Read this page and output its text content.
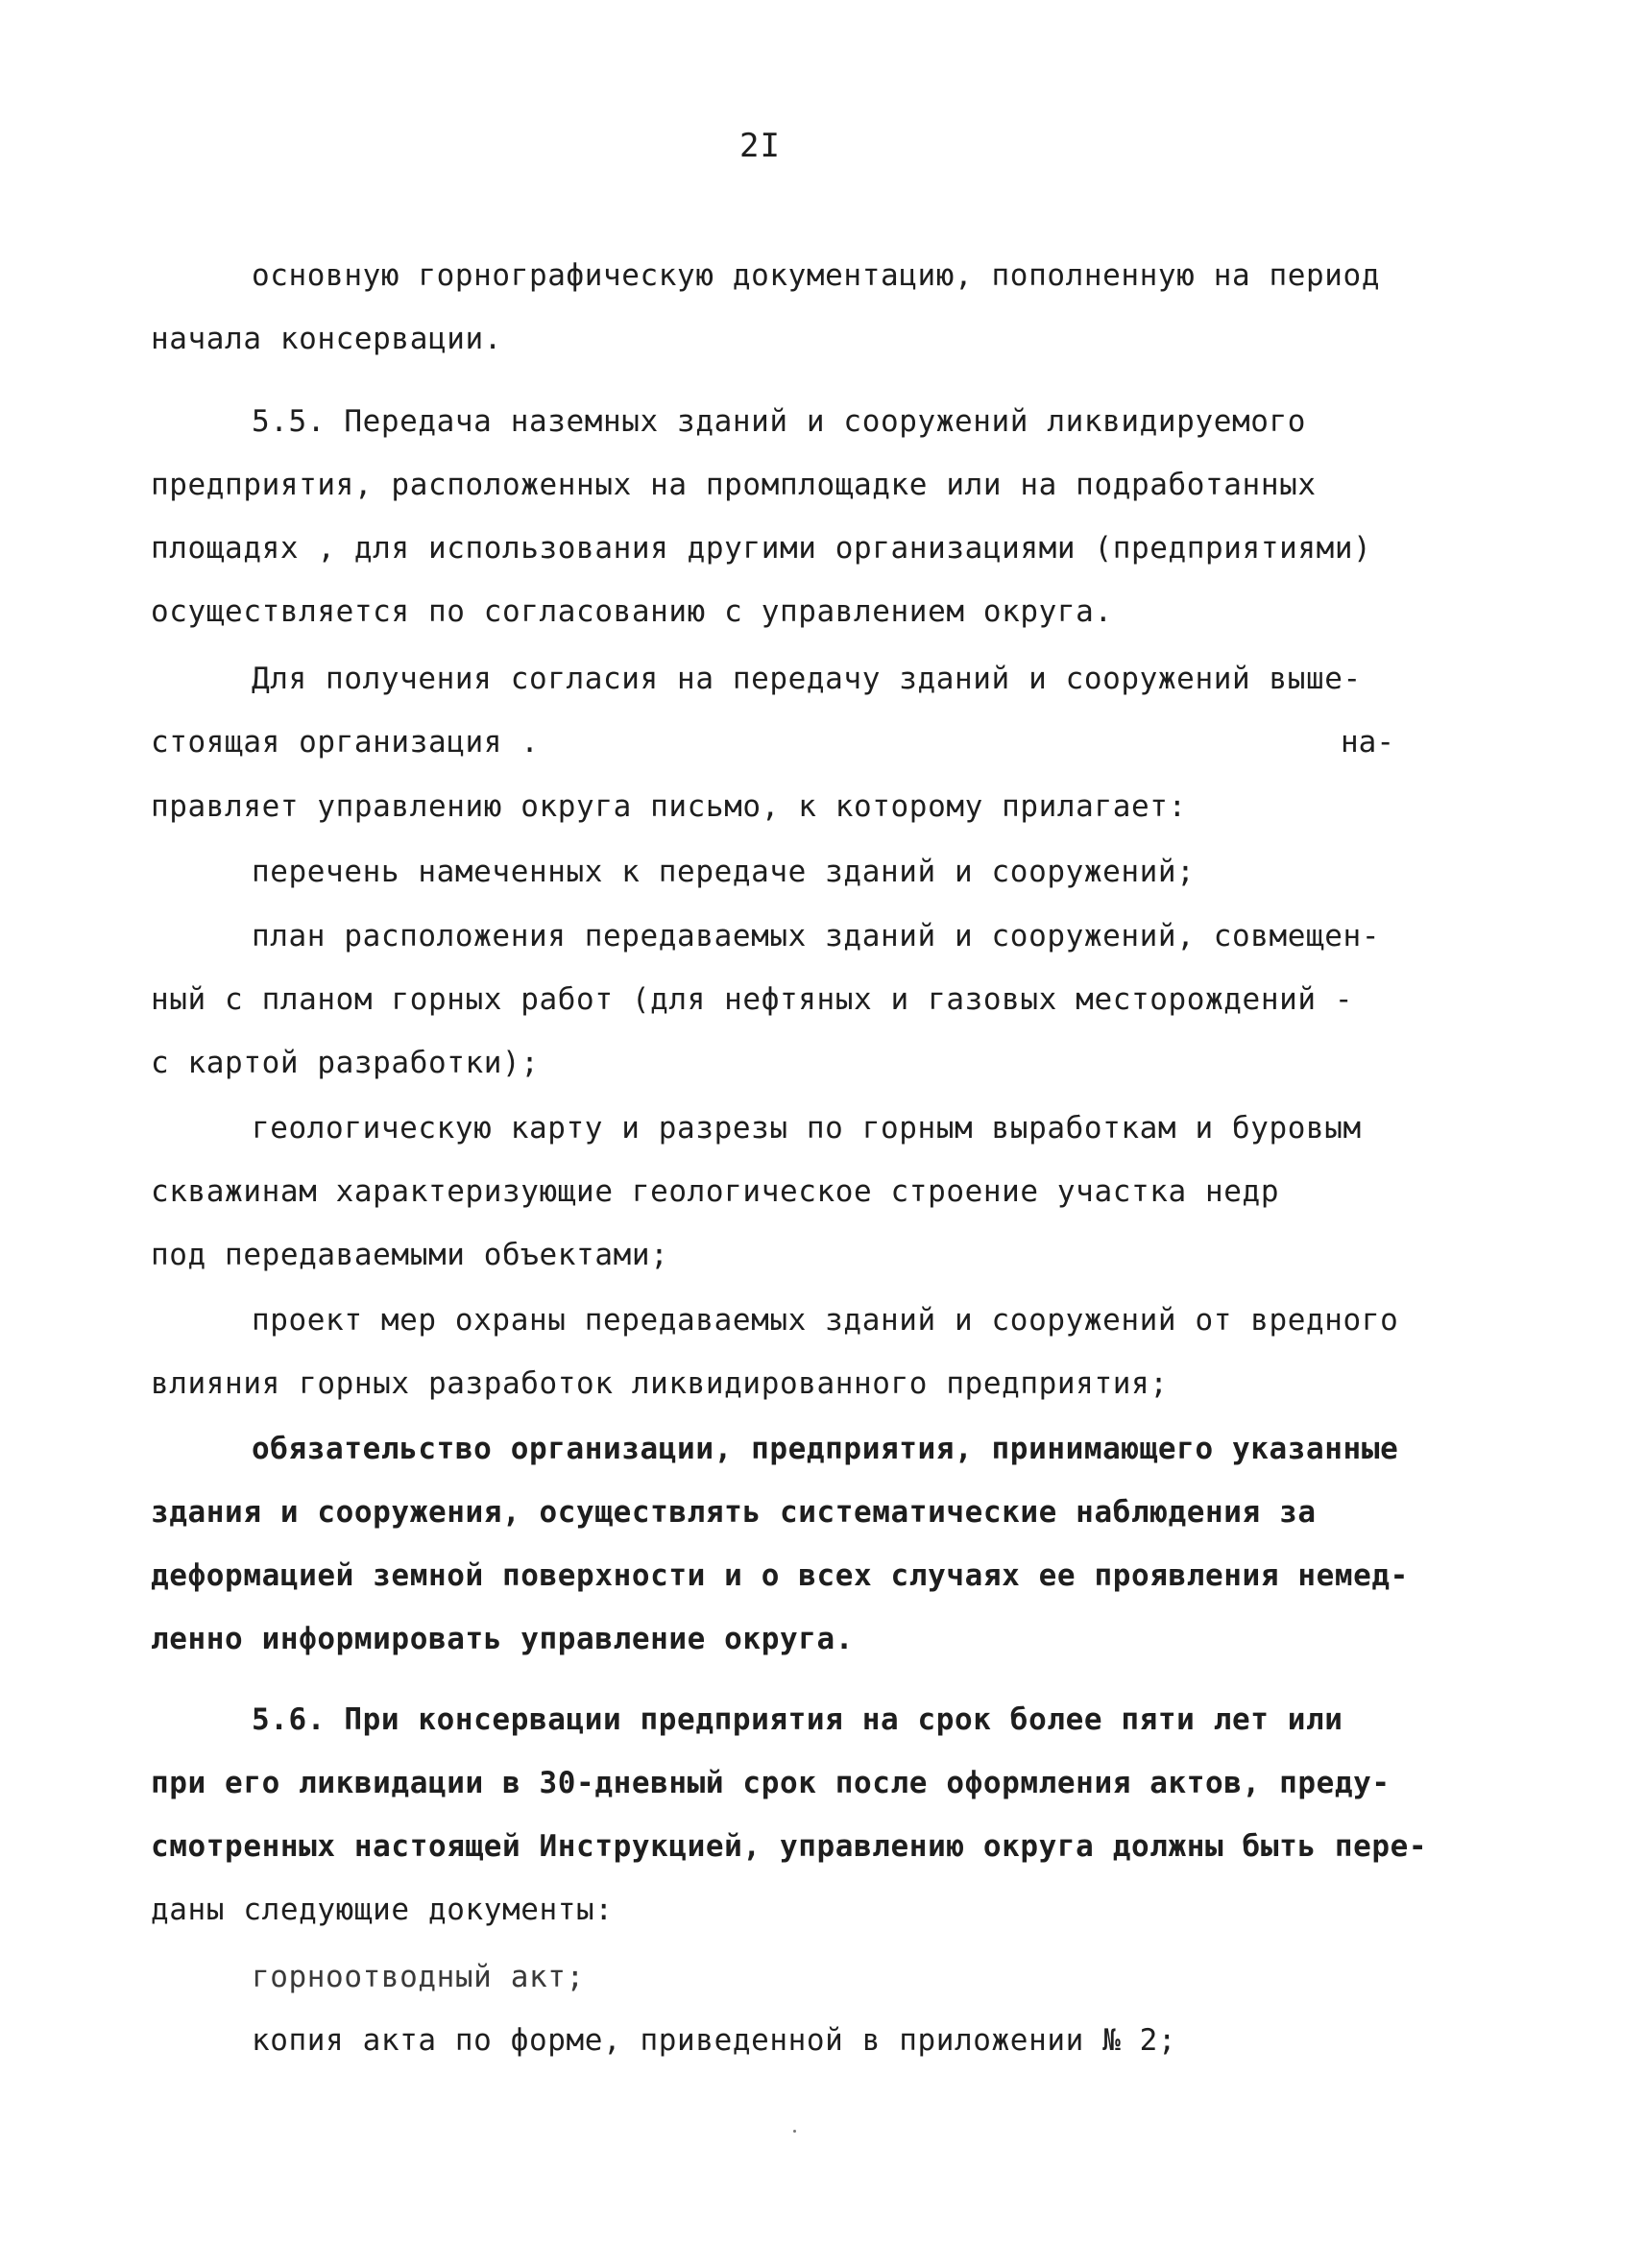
2I
основную горнографическую документацию, пополненную на период
начала консервации.
5.5. Передача наземных зданий и сооружений ликвидируемого
предприятия, расположенных на промплощадке или на подработанных
площадях , для использования другими организациями (предприятиями)
осуществляется по согласованию с управлением округа.
Для получения согласия на передачу зданий и сооружений выше-
стоящая организация .	на-
правляет управлению округа письмо, к которому прилагает:
перечень намеченных к передаче зданий и сооружений;
план расположения передаваемых зданий и сооружений, совмещен-
ный с планом горных работ (для нефтяных и газовых месторождений -
с картой разработки);
геологическую карту и разрезы по горным выработкам и буровым
скважинам характеризующие геологическое строение участка недр
под передаваемыми объектами;
проект мер охраны передаваемых зданий и сооружений от вредного
влияния горных разработок ликвидированного предприятия;
обязательство организации, предприятия, принимающего указанные
здания и сооружения, осуществлять систематические наблюдения за
деформацией земной поверхности и о всех случаях ее проявления немед-
ленно информировать управление округа.
5.6. При консервации предприятия на срок более пяти лет или
при его ликвидации в 30-дневный срок после оформления актов, преду-
смотренных настоящей Инструкцией, управлению округа должны быть пере-
даны следующие документы:
горноотводный акт;
копия акта по форме, приведенной в приложении № 2;
